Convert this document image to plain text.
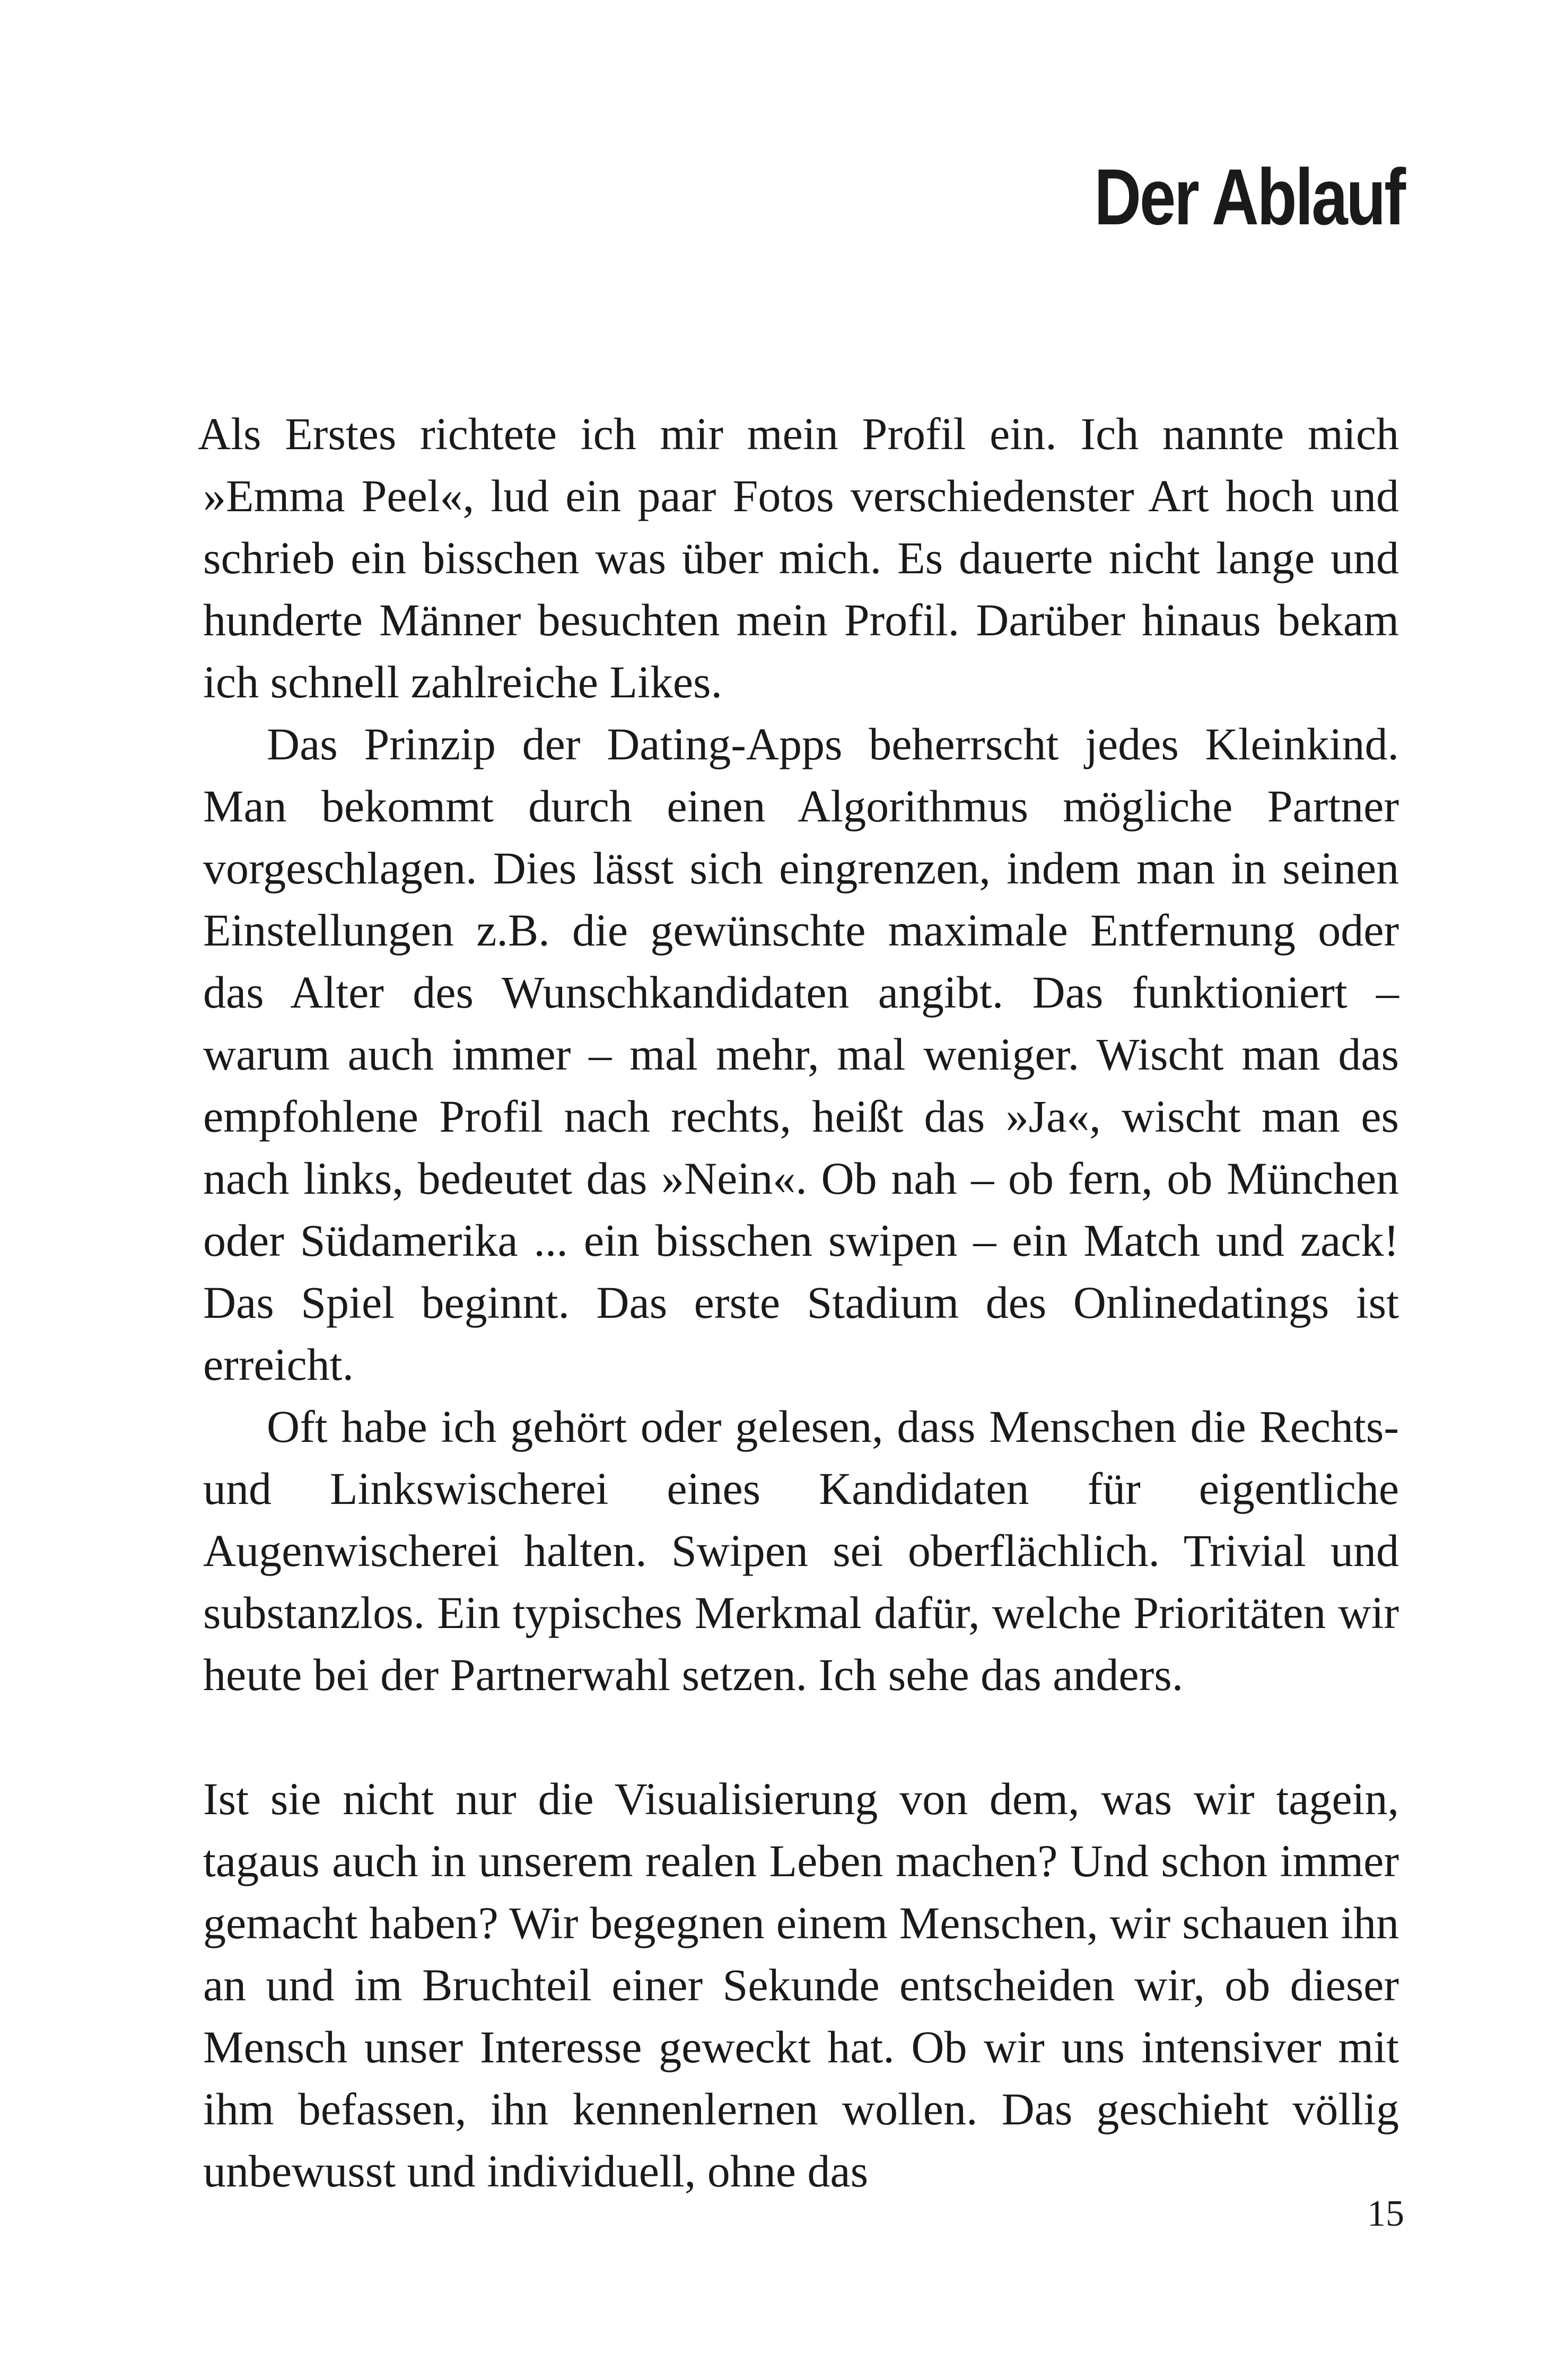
Der Ablauf

Als Erstes richtete ich mir mein Profil ein. Ich nannte mich »Emma Peel«, lud ein paar Fotos verschiedenster Art hoch und schrieb ein bisschen was über mich. Es dauerte nicht lange und hunderte Männer besuchten mein Profil. Darüber hinaus bekam ich schnell zahlreiche Likes.

Das Prinzip der Dating-Apps beherrscht jedes Kleinkind. Man bekommt durch einen Algorithmus mögliche Partner vorgeschlagen. Dies lässt sich eingrenzen, indem man in seinen Einstellungen z.B. die gewünschte maximale Entfernung oder das Alter des Wunschkandidaten angibt. Das funktioniert – warum auch immer – mal mehr, mal weniger. Wischt man das empfohlene Profil nach rechts, heißt das »Ja«, wischt man es nach links, bedeutet das »Nein«. Ob nah – ob fern, ob München oder Südamerika ... ein bisschen swipen – ein Match und zack! Das Spiel beginnt. Das erste Stadium des Onlinedatings ist erreicht.

Oft habe ich gehört oder gelesen, dass Menschen die Rechts- und Linkswischerei eines Kandidaten für eigentliche Augenwischerei halten. Swipen sei oberflächlich. Trivial und substanzlos. Ein typisches Merkmal dafür, welche Prioritäten wir heute bei der Partnerwahl setzen. Ich sehe das anders.

Ist sie nicht nur die Visualisierung von dem, was wir tagein, tagaus auch in unserem realen Leben machen? Und schon immer gemacht haben? Wir begegnen einem Menschen, wir schauen ihn an und im Bruchteil einer Sekunde entscheiden wir, ob dieser Mensch unser Interesse geweckt hat. Ob wir uns intensiver mit ihm befassen, ihn kennenlernen wollen. Das geschieht völlig unbewusst und individuell, ohne das

15
